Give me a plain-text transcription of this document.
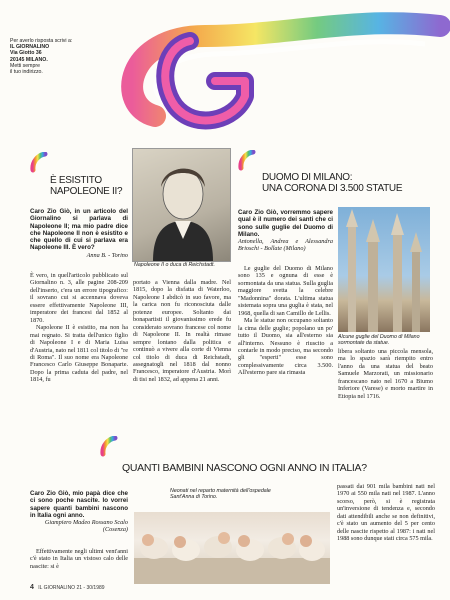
Per averlo risposta scrivi a:
IL GIORNALINO
Via Giotto 36
20145 MILANO.
Metti sempre
il tuo indirizzo.
È ESISTITO
NAPOLEONE II?
Napoleone II o duca di Reichstadt.
Caro Zio Giò, in un articolo del Giornalino si parlava di Napoleone II; ma mio padre dice che Napoleone II non è esistito e che quello di cui si parlava era Napoleone III. È vero?
Anna B. - Torino

È vero, in quell'articolo pubblicato sul Giornalino n. 3, alle pagine 208-209 dell'inserto, c'era un errore tipografico: il sovrano cui si accennava doveva essere effettivamente Napoleone III, imperatore dei francesi dal 1852 al 1870.

Napoleone II è esistito, ma non ha mai regnato. Si tratta dell'unico figlio di Napoleone I e di Maria Luisa d'Austria, nato nel 1811 col titolo di "re di Roma". Il suo nome era Napoleone Francesco Carlo Giuseppe Bonaparte. Dopo la prima caduta del padre, nel 1814, fu

portato a Vienna dalla madre. Nel 1815, dopo la disfatta di Waterloo, Napoleone I abdicò in suo favore, ma la carica non fu riconosciuta dalle potenze europee. Soltanto dai bonapartisti il giovanissimo erede fu considerato sovrano francese col nome di Napoleone II. In realtà rimase sempre lontano dalla politica e continuò a vivere alla corte di Vienna col titolo di duca di Reichstadt, assegnatogli nel 1818 dal nonno Francesco, imperatore d'Austria. Morì di tisi nel 1832, ad appena 21 anni.

DUOMO DI MILANO:
UNA CORONA DI 3.500 STATUE
Caro Zio Giò, vorremmo sapere qual è il numero dei santi che ci sono sulle guglie del Duomo di Milano.
Antonella, Andrea e Alessandra Brioschi - Bollate (Milano)
Alcune guglie del Duomo di Milano sormontate da statue.

Le guglie del Duomo di Milano sono 135 e ognuna di esse è sormontata da una statua. Sulla guglia maggiore svetta la celebre "Madonnina" dorata. L'ultima statua sistemata sopra una guglia è stata, nel 1968, quella di san Camillo de Lellis.

Ma le statue non occupano soltanto la cima delle guglie; popolano un po' tutto il Duomo, sia all'esterno sia all'interno. Nessuno è riuscito a contarle in modo preciso, ma secondo gli "esperti" esse sono complessivamente circa 3.500. All'esterno pare sia rimasta

libera soltanto una piccola mensola, ma lo spazio sarà riempito entro l'anno da una statua del beato Samuele Marzorati, un missionario francescano nato nel 1670 a Biumo Inferiore (Varese) e morto martire in Etiopia nel 1716.

QUANTI BAMBINI NASCONO OGNI ANNO IN ITALIA?
Caro Zio Giò, mio papà dice che ci sono poche nascite. Io vorrei sapere quanti bambini nascono in Italia ogni anno.
Giampiero Madeo Rossano Scalo (Cosenza)
Neonati nel reparto maternità dell'ospedale Sant'Anna di Torino.

Effettivamente negli ultimi vent'anni c'è stato in Italia un vistoso calo delle nascite: si è

passati dai 901 mila bambini nati nel 1970 ai 550 mila nati nel 1987. L'anno scorso, però, si è registrata un'inversione di tendenza e, secondo dati attendibili anche se non definitivi, c'è stato un aumento del 5 per cento delle nascite rispetto al 1987: i nati nel 1988 sono dunque stati circa 575 mila.

4 IL GIORNALINO 21 - 30/1989
